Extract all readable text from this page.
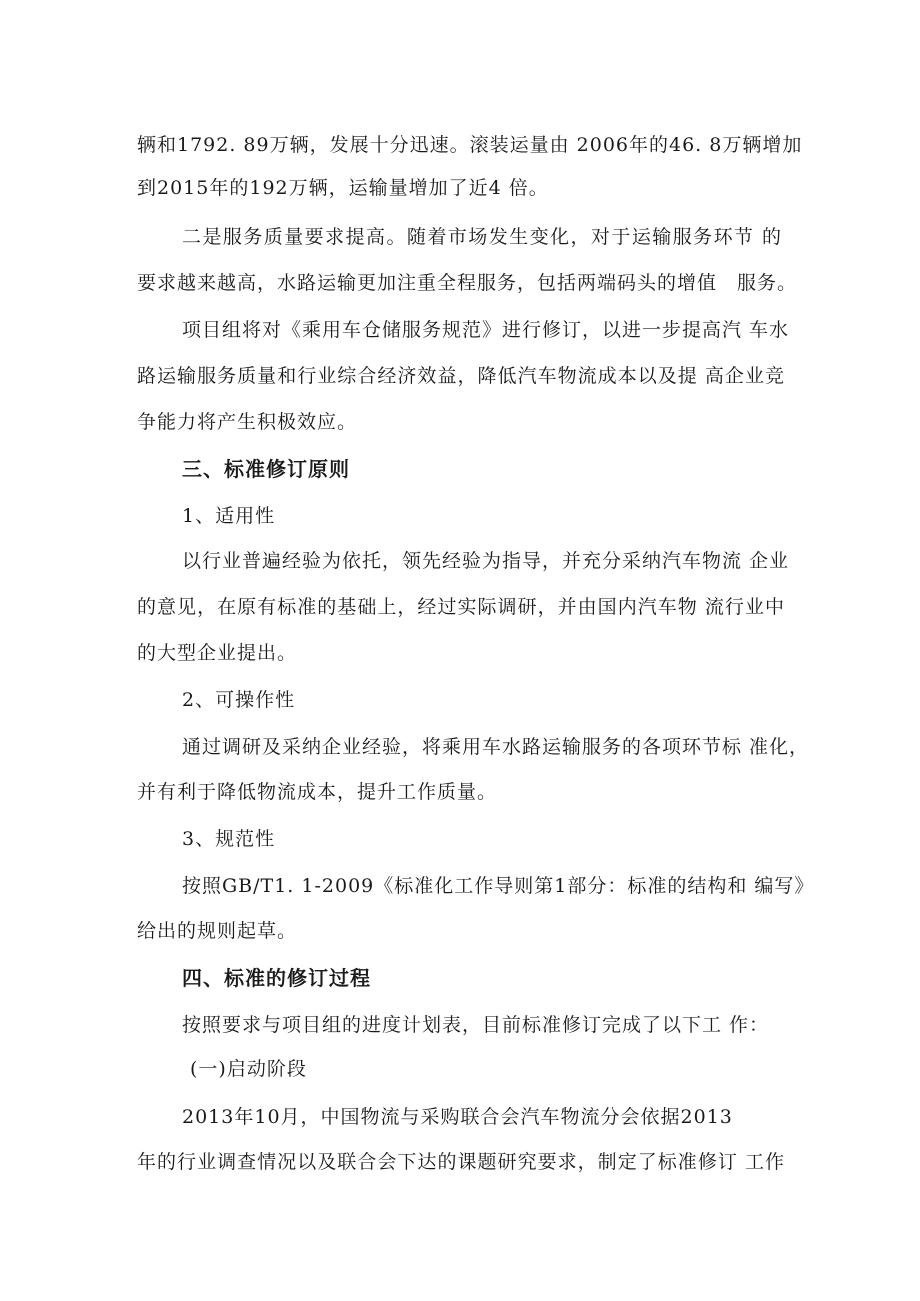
辆和1792. 89万辆，发展十分迅速。滚装运量由 2006年的46. 8万辆增加
到2015年的192万辆，运输量增加了近4 倍。
二是服务质量要求提高。随着市场发生变化，对于运输服务环节 的
要求越来越高，水路运输更加注重全程服务，包括两端码头的增值　服务。
项目组将对《乘用车仓储服务规范》进行修订，以进一步提高汽 车水
路运输服务质量和行业综合经济效益，降低汽车物流成本以及提 高企业竞
争能力将产生积极效应。
三、标准修订原则
1、适用性
以行业普遍经验为依托，领先经验为指导，并充分采纳汽车物流 企业
的意见，在原有标准的基础上，经过实际调研，并由国内汽车物 流行业中
的大型企业提出。
2、可操作性
通过调研及采纳企业经验，将乘用车水路运输服务的各项环节标 准化，
并有利于降低物流成本，提升工作质量。
3、规范性
按照GB/T1. 1-2009《标准化工作导则第1部分：标准的结构和 编写》
给出的规则起草。
四、标准的修订过程
按照要求与项目组的进度计划表，目前标准修订完成了以下工 作：
(一)启动阶段
2013年10月，中国物流与采购联合会汽车物流分会依据2013
年的行业调查情况以及联合会下达的课题研究要求，制定了标准修订 工作
